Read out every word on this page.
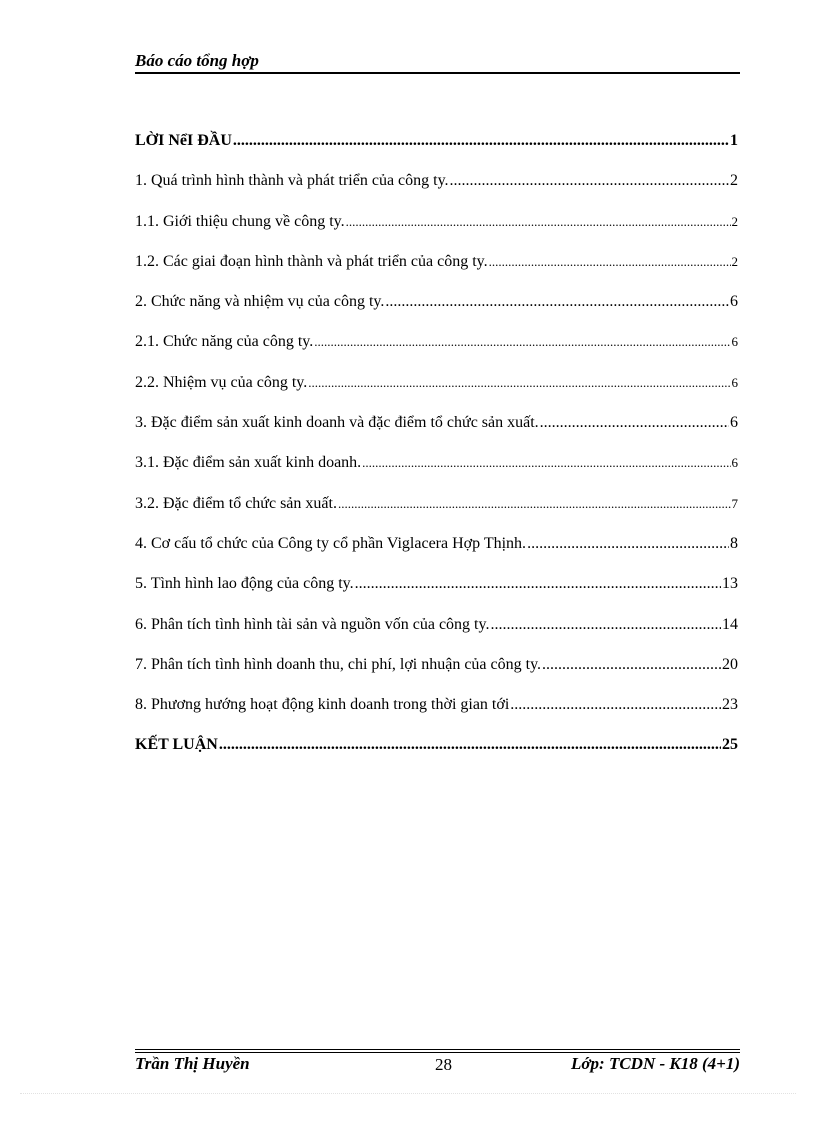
Báo cáo tổng hợp
LỜI NểI ĐẦU .....	1
1. Quá trình hình thành và phát triển của công ty. .....	2
1.1. Giới thiệu chung về công ty. .....	2
1.2. Các giai đoạn hình thành và phát triển của công ty. .....	2
2. Chức năng và nhiệm vụ của công ty. .....	6
2.1. Chức năng của công ty. .....	6
2.2. Nhiệm vụ của công ty. .....	6
3. Đặc điểm sản xuất kinh doanh và đặc điểm tổ chức sản xuất. .....	6
3.1. Đặc điểm sản xuất kinh doanh. .....	6
3.2. Đặc điểm tổ chức sản xuất. .....	7
4. Cơ cấu tổ chức của Công ty cổ phần Viglacera Hợp Thịnh. .....	8
5. Tình hình lao động của công ty. .....	13
6. Phân tích tình hình tài sản và nguồn vốn của công ty. .....	14
7. Phân tích tình hình doanh thu, chi phí, lợi nhuận của công ty. .....	20
8. Phương hướng hoạt động kinh doanh trong thời gian tới .....	23
KẾT LUẬN .....	25
Trần Thị Huyền	28	Lớp: TCDN - K18 (4+1)
